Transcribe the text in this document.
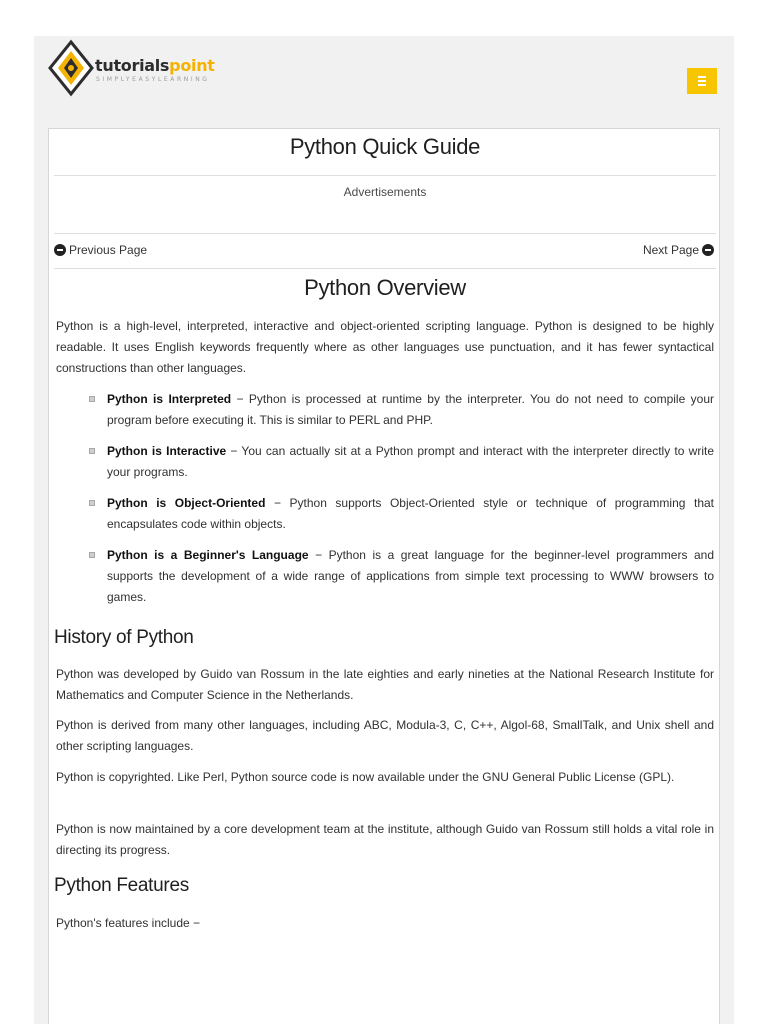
tutorialspoint
SIMPLYEASYLEARNING
Python Quick Guide
Advertisements
Previous Page	Next Page
Python Overview

Python is a high-level, interpreted, interactive and object-oriented scripting language. Python is designed to be highly readable. It uses English keywords frequently where as other languages use punctuation, and it has fewer syntactical constructions than other languages.

Python is Interpreted − Python is processed at runtime by the interpreter. You do not need to compile your program before executing it. This is similar to PERL and PHP.
Python is Interactive − You can actually sit at a Python prompt and interact with the interpreter directly to write your programs.
Python is Object-Oriented − Python supports Object-Oriented style or technique of programming that encapsulates code within objects.
Python is a Beginner's Language − Python is a great language for the beginner-level programmers and supports the development of a wide range of applications from simple text processing to WWW browsers to games.
History of Python

Python was developed by Guido van Rossum in the late eighties and early nineties at the National Research Institute for Mathematics and Computer Science in the Netherlands.

Python is derived from many other languages, including ABC, Modula-3, C, C++, Algol-68, SmallTalk, and Unix shell and other scripting languages.

Python is copyrighted. Like Perl, Python source code is now available under the GNU General Public License (GPL).

Python is now maintained by a core development team at the institute, although Guido van Rossum still holds a vital role in directing its progress.

Python Features

Python's features include −
